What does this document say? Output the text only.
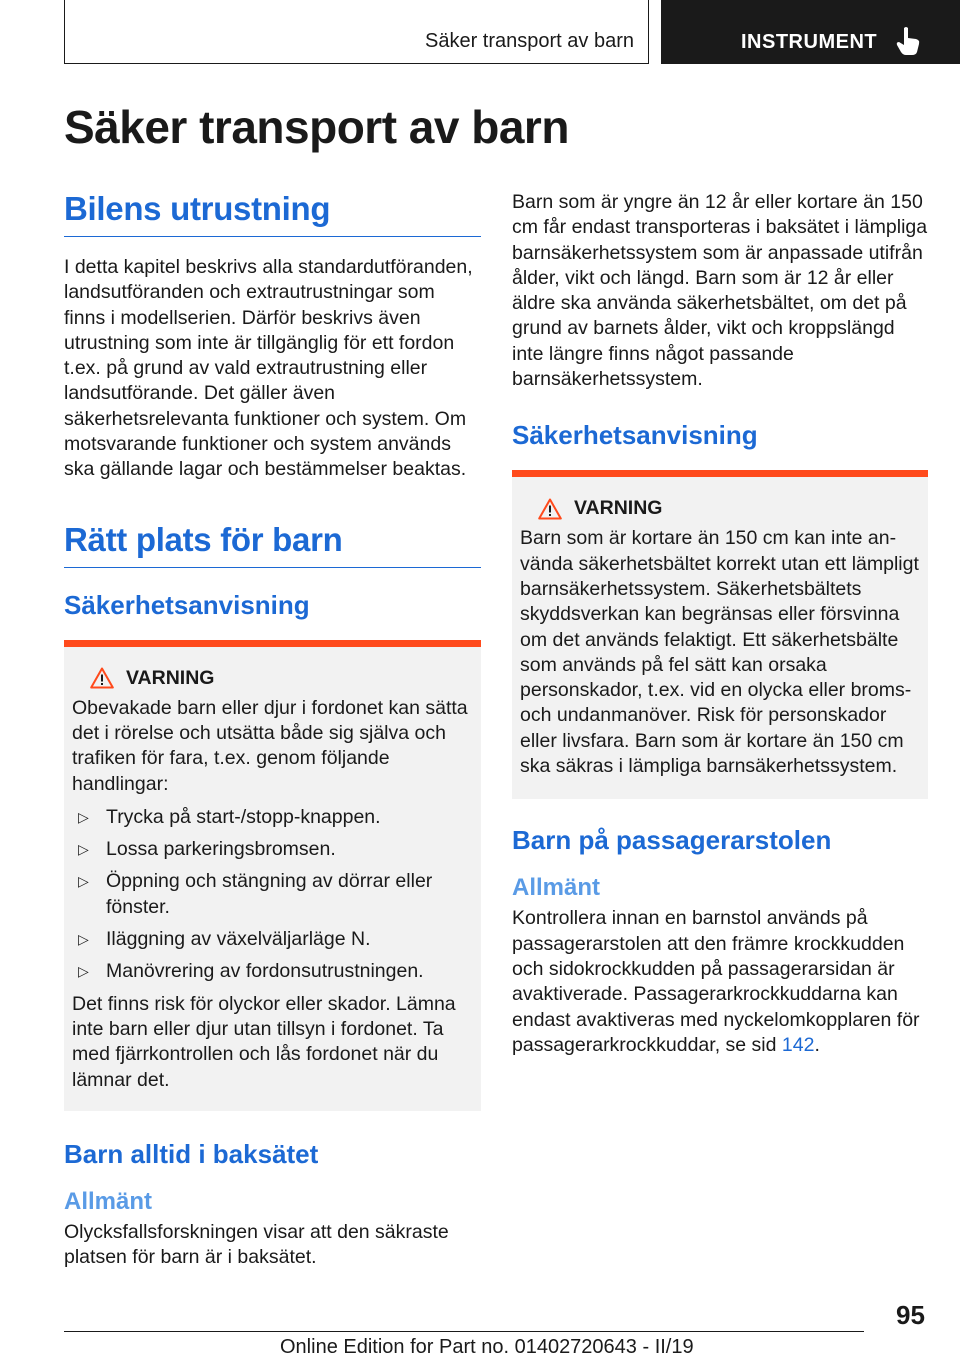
Säker transport av barn	INSTRUMENT
Säker transport av barn
Bilens utrustning

I detta kapitel beskrivs alla standardutföranden, landsutföranden och extrautrustningar som finns i modellserien. Därför beskrivs även utrustning som inte är tillgänglig för ett fordon t.ex. på grund av vald extrautrustning eller landsutförande. Det gäller även säkerhetsrelevanta funktioner och system. Om motsvarande funktioner och system används ska gällande lagar och bestämmelser beaktas.

Rätt plats för barn
Säkerhetsanvisning
VARNING

Obevakade barn eller djur i fordonet kan sätta det i rörelse och utsätta både sig själva och trafiken för fara, t.ex. genom följande handlingar:

▷ Trycka på start-/stopp-knappen.
▷ Lossa parkeringsbromsen.
▷ Öppning och stängning av dörrar eller fönster.
▷ Iläggning av växelväljarläge N.
▷ Manövrering av fordonsutrustningen.

Det finns risk för olyckor eller skador. Lämna inte barn eller djur utan tillsyn i fordonet. Ta med fjärrkontrollen och lås fordonet när du lämnar det.

Barn alltid i baksätet
Allmänt

Olycksfallsforskningen visar att den säkraste platsen för barn är i baksätet.

Barn som är yngre än 12 år eller kortare än 150 cm får endast transporteras i baksätet i lämpliga barnsäkerhetssystem som är anpassade utifrån ålder, vikt och längd. Barn som är 12 år eller äldre ska använda säkerhetsbältet, om det på grund av barnets ålder, vikt och kroppslängd inte längre finns något passande barnsäkerhetssystem.

Säkerhetsanvisning
VARNING

Barn som är kortare än 150 cm kan inte använda säkerhetsbältet korrekt utan ett lämpligt barnsäkerhetssystem. Säkerhetsbältets skyddsverkan kan begränsas eller försvinna om det används felaktigt. Ett säkerhetsbälte som används på fel sätt kan orsaka personskador, t.ex. vid en olycka eller broms- och undanmanöver. Risk för personskador eller livsfara. Barn som är kortare än 150 cm ska säkras i lämpliga barnsäkerhetssystem.

Barn på passagerarstolen
Allmänt

Kontrollera innan en barnstol används på passagerarstolen att den främre krockkudden och sidokrockkudden på passagerarsidan är avaktiverade. Passagerarkrockkuddarna kan endast avaktiveras med nyckelomkopplaren för passagerarkrockkuddar, se sid 142.

95
Online Edition for Part no. 01402720643 - II/19
